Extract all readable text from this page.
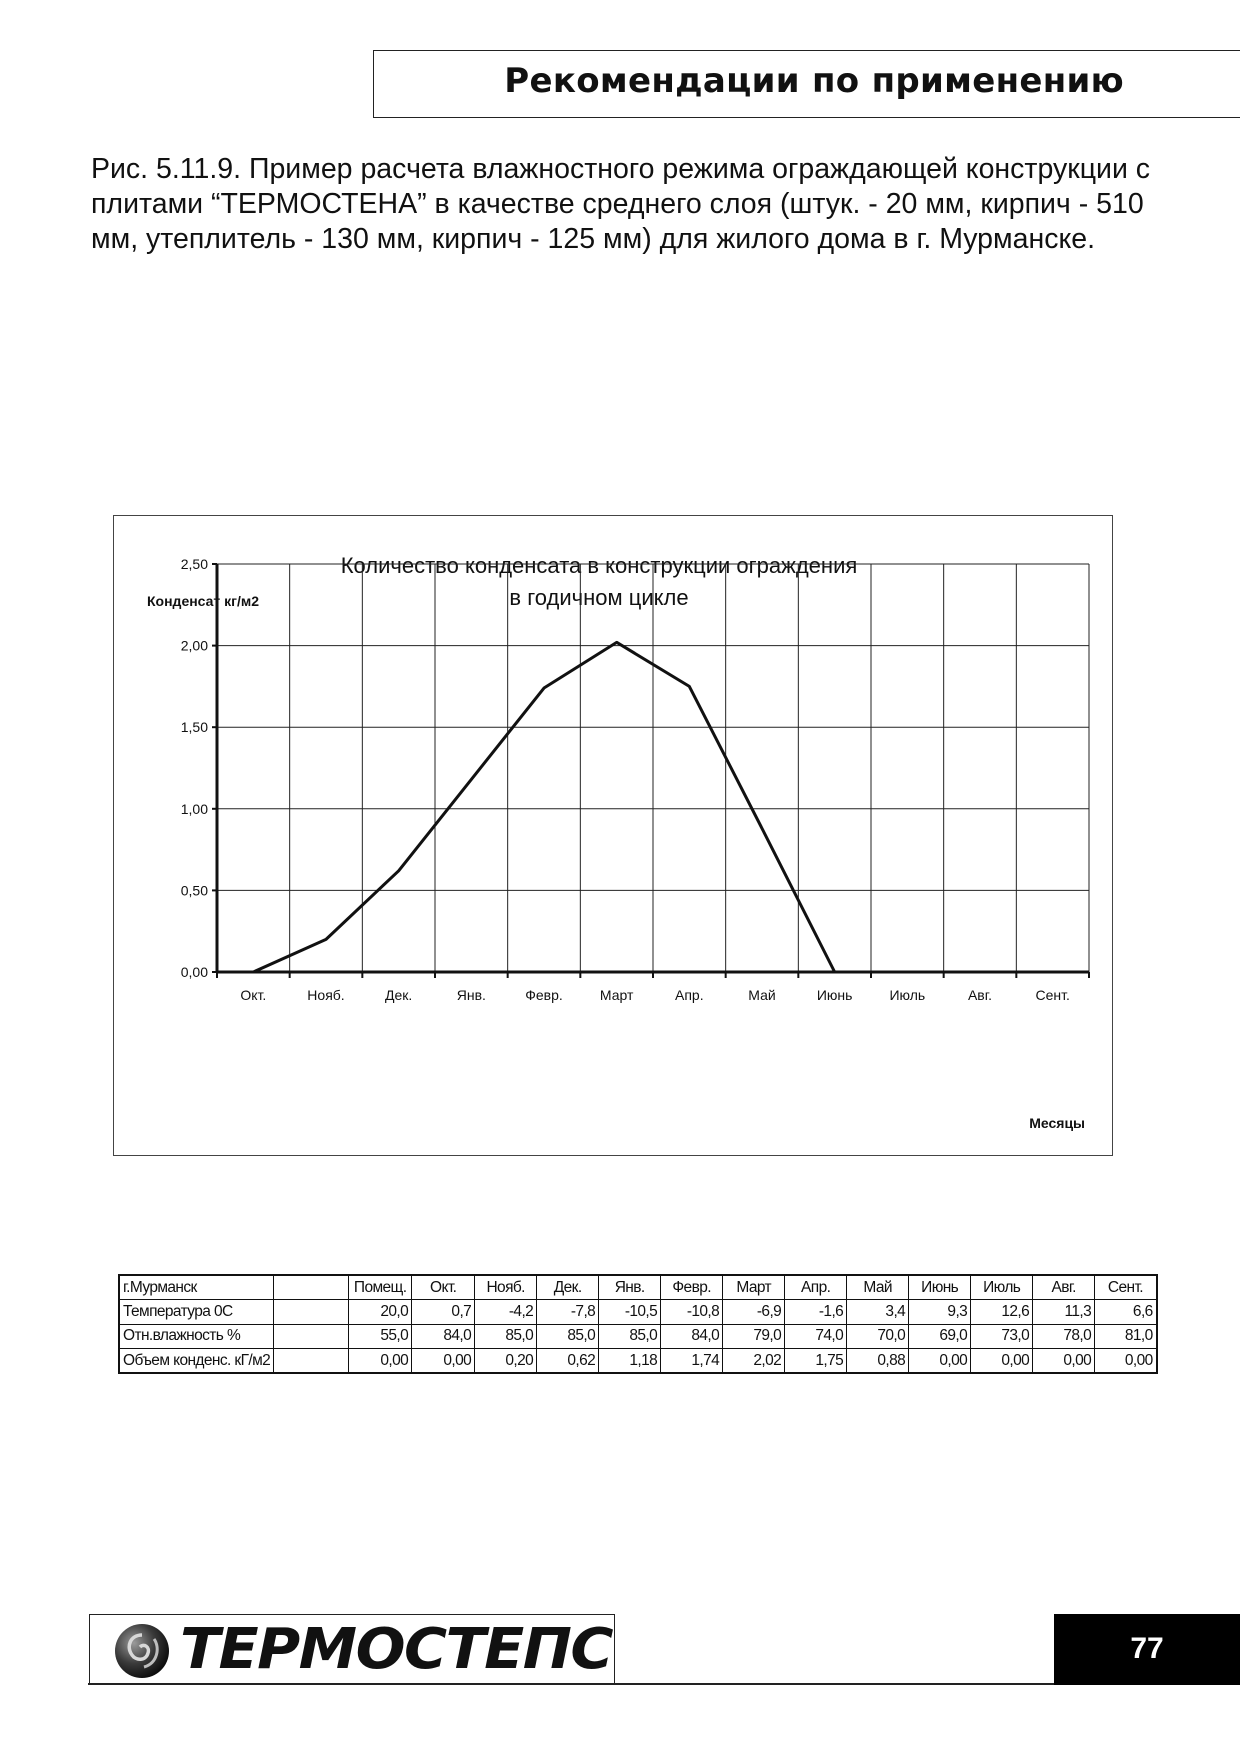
Рекомендации по применению

Рис. 5.11.9. Пример расчета влажностного режима ограждающей конструкции с плитами “ТЕРМОСТЕНА” в качестве среднего слоя (штук. - 20 мм, кирпич - 510 мм, утеплитель - 130 мм, кирпич - 125 мм) для жилого дома в г. Мурманске.

Количество конденсата в конструкции ограждения
в годичном цикле
Конденсат кг/м2
Месяцы
0,00
0,50
1,00
1,50
2,00
2,50
Окт.	Нояб.	Дек.	Янв.	Февр.	Март	Апр.	Май	Июнь	Июль	Авг.	Сент.
г.Мурманск		Помещ.	Окт.	Нояб.	Дек.	Янв.	Февр.	Март	Апр.	Май	Июнь	Июль	Авг.	Сент.
Температура 0С		20,0	0,7	-4,2	-7,8	-10,5	-10,8	-6,9	-1,6	3,4	9,3	12,6	11,3	6,6
Отн.влажность %		55,0	84,0	85,0	85,0	85,0	84,0	79,0	74,0	70,0	69,0	73,0	78,0	81,0
Объем конденс. кГ/м2		0,00	0,00	0,20	0,62	1,18	1,74	2,02	1,75	0,88	0,00	0,00	0,00	0,00

ТЕРМОСТЕПС	77
